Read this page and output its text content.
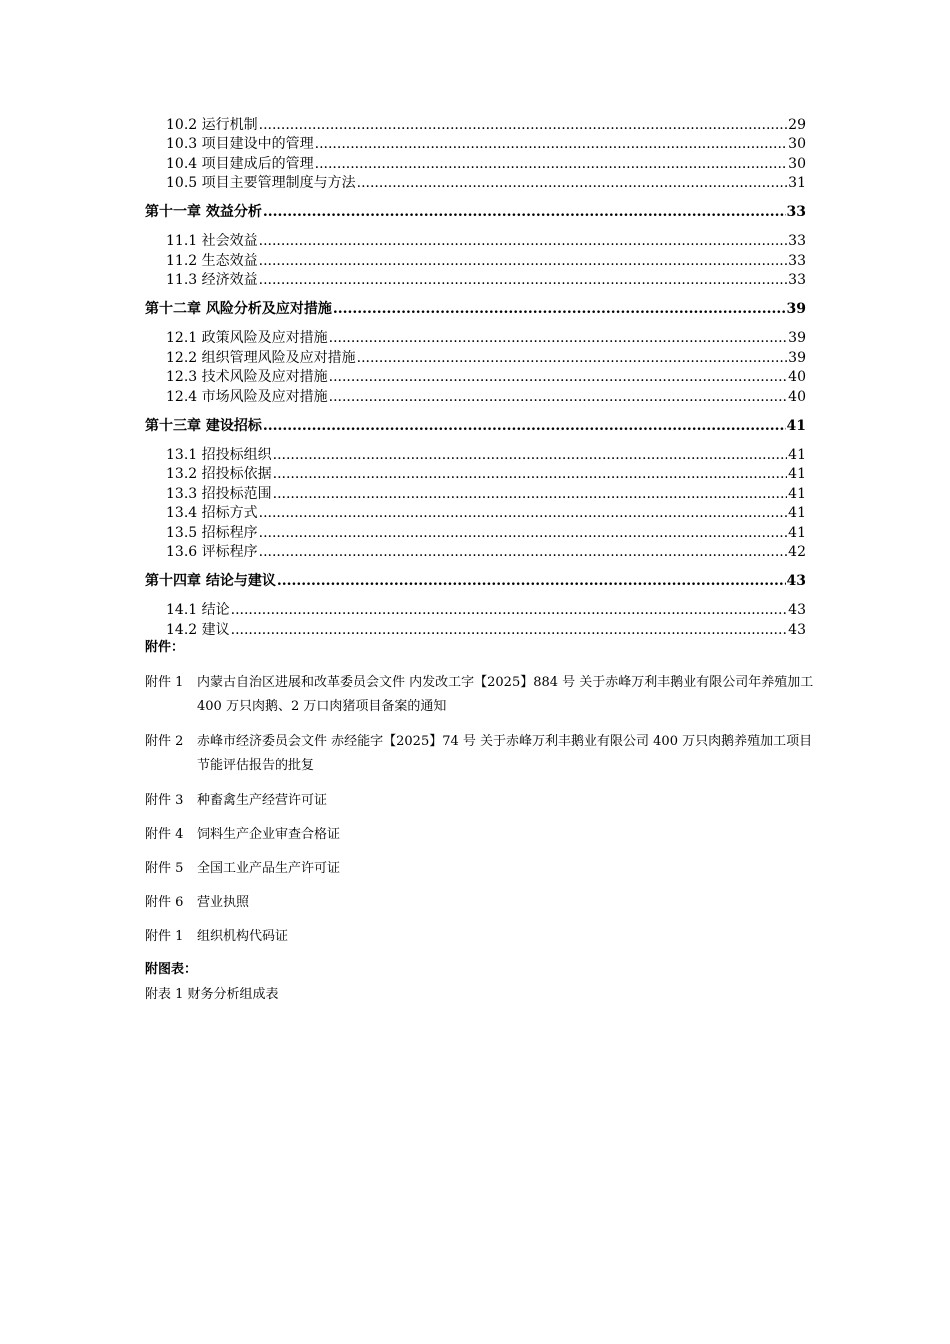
10.2 运行机制 .....	29
10.3 项目建设中的管理 .....	30
10.4 项目建成后的管理 .....	30
10.5 项目主要管理制度与方法 .....	31
第十一章 效益分析 .....	33
11.1 社会效益 .....	33
11.2 生态效益 .....	33
11.3 经济效益 .....	33
第十二章 风险分析及应对措施 .....	39
12.1 政策风险及应对措施 .....	39
12.2 组织管理风险及应对措施 .....	39
12.3 技术风险及应对措施 .....	40
12.4 市场风险及应对措施 .....	40
第十三章 建设招标 .....	41
13.1 招投标组织 .....	41
13.2 招投标依据 .....	41
13.3 招投标范围 .....	41
13.4 招标方式 .....	41
13.5 招标程序 .....	41
13.6 评标程序 .....	42
第十四章 结论与建议 .....	43
14.1 结论 .....	43
14.2 建议 .....	43
附件：
附件 1	内蒙古自治区进展和改革委员会文件 内发改工字【2025】884 号 关于赤峰万利丰鹅业有限公司年养殖加工 400 万只肉鹅、2 万口肉猪项目备案的通知
附件 2	赤峰市经济委员会文件 赤经能字【2025】74 号 关于赤峰万利丰鹅业有限公司 400 万只肉鹅养殖加工项目节能评估报告的批复
附件 3	种畜禽生产经营许可证
附件 4	饲料生产企业审查合格证
附件 5	全国工业产品生产许可证
附件 6	营业执照
附件 1	组织机构代码证
附图表：
附表 1 财务分析组成表
